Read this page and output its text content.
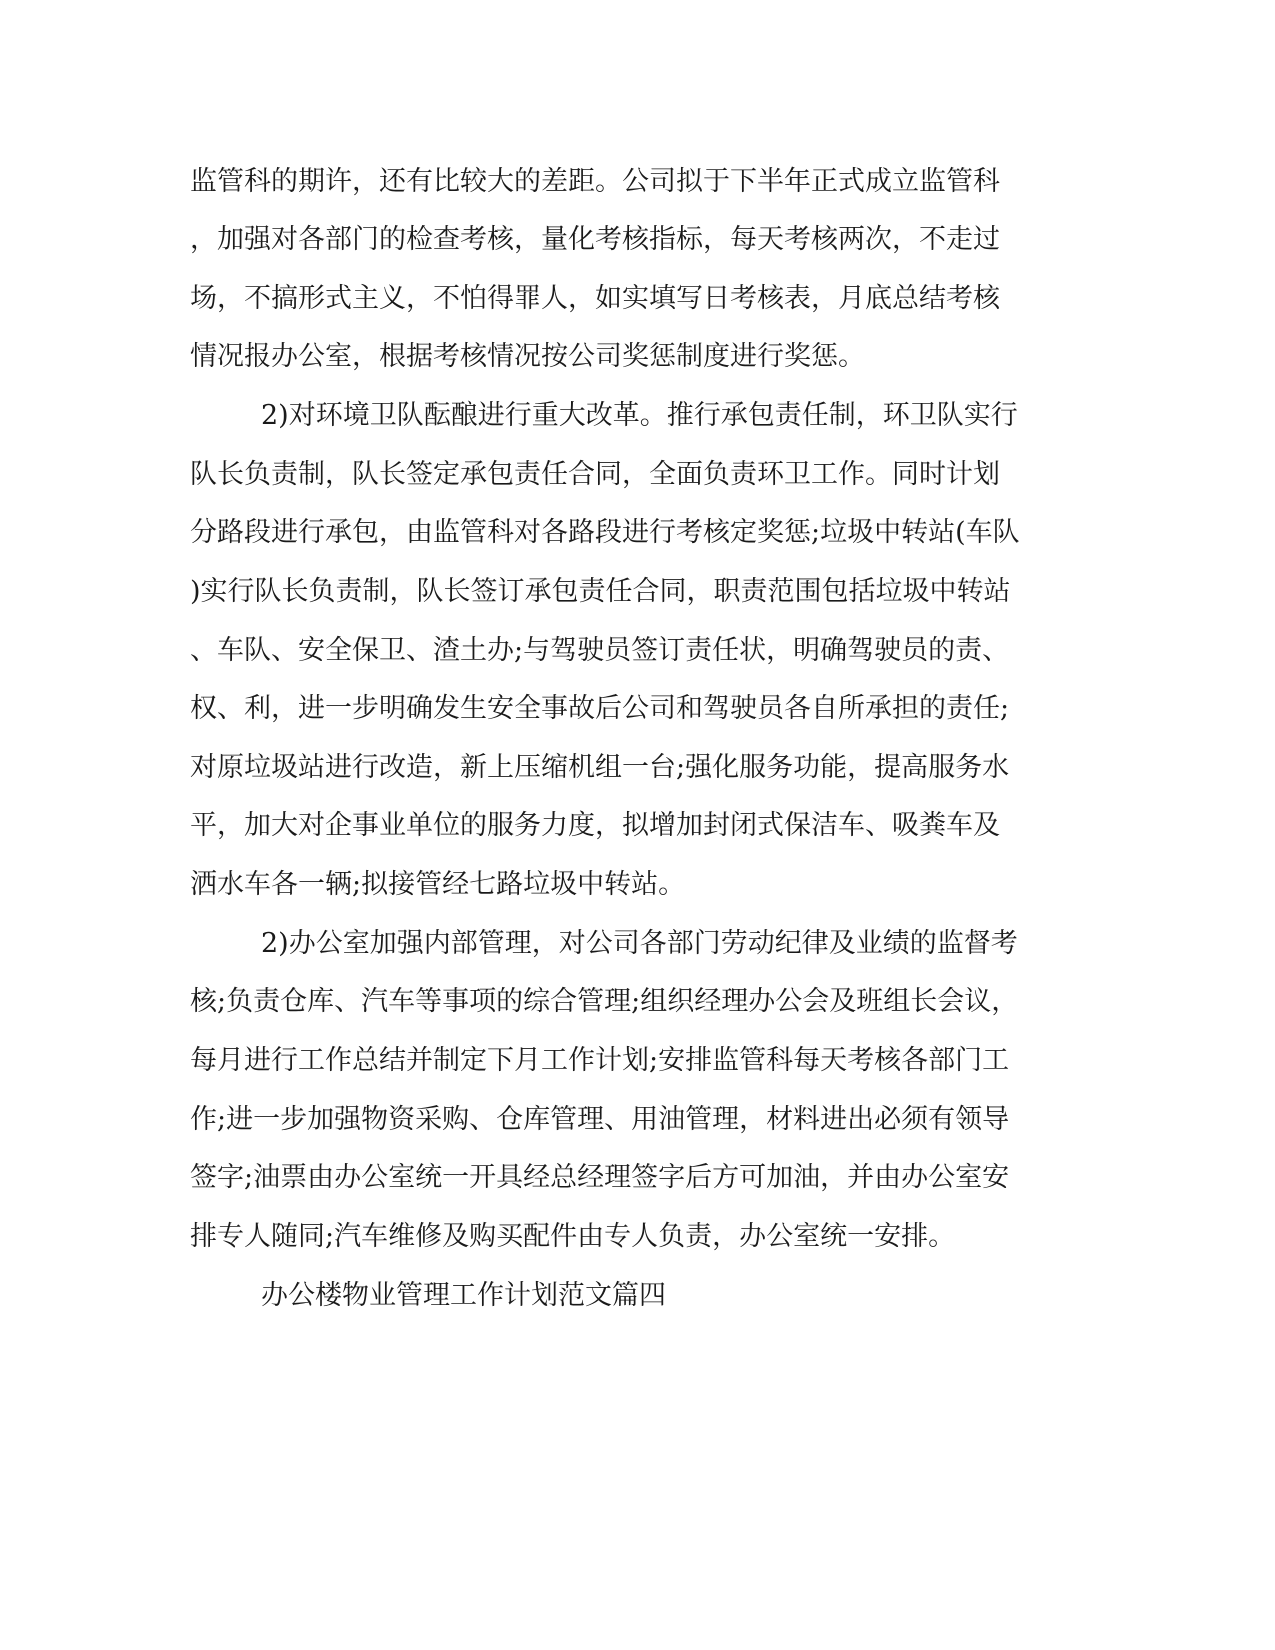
监管科的期许，还有比较大的差距。公司拟于下半年正式成立监管科
，加强对各部门的检查考核，量化考核指标，每天考核两次，不走过
场，不搞形式主义，不怕得罪人，如实填写日考核表，月底总结考核
情况报办公室，根据考核情况按公司奖惩制度进行奖惩。
2)对环境卫队酝酿进行重大改革。推行承包责任制，环卫队实行
队长负责制，队长签定承包责任合同，全面负责环卫工作。同时计划
分路段进行承包，由监管科对各路段进行考核定奖惩;垃圾中转站(车队
)实行队长负责制，队长签订承包责任合同，职责范围包括垃圾中转站
、车队、安全保卫、渣土办;与驾驶员签订责任状，明确驾驶员的责、
权、利，进一步明确发生安全事故后公司和驾驶员各自所承担的责任;
对原垃圾站进行改造，新上压缩机组一台;强化服务功能，提高服务水
平，加大对企事业单位的服务力度，拟增加封闭式保洁车、吸粪车及
洒水车各一辆;拟接管经七路垃圾中转站。
2)办公室加强内部管理，对公司各部门劳动纪律及业绩的监督考
核;负责仓库、汽车等事项的综合管理;组织经理办公会及班组长会议，
每月进行工作总结并制定下月工作计划;安排监管科每天考核各部门工
作;进一步加强物资采购、仓库管理、用油管理，材料进出必须有领导
签字;油票由办公室统一开具经总经理签字后方可加油，并由办公室安
排专人随同;汽车维修及购买配件由专人负责，办公室统一安排。
办公楼物业管理工作计划范文篇四
